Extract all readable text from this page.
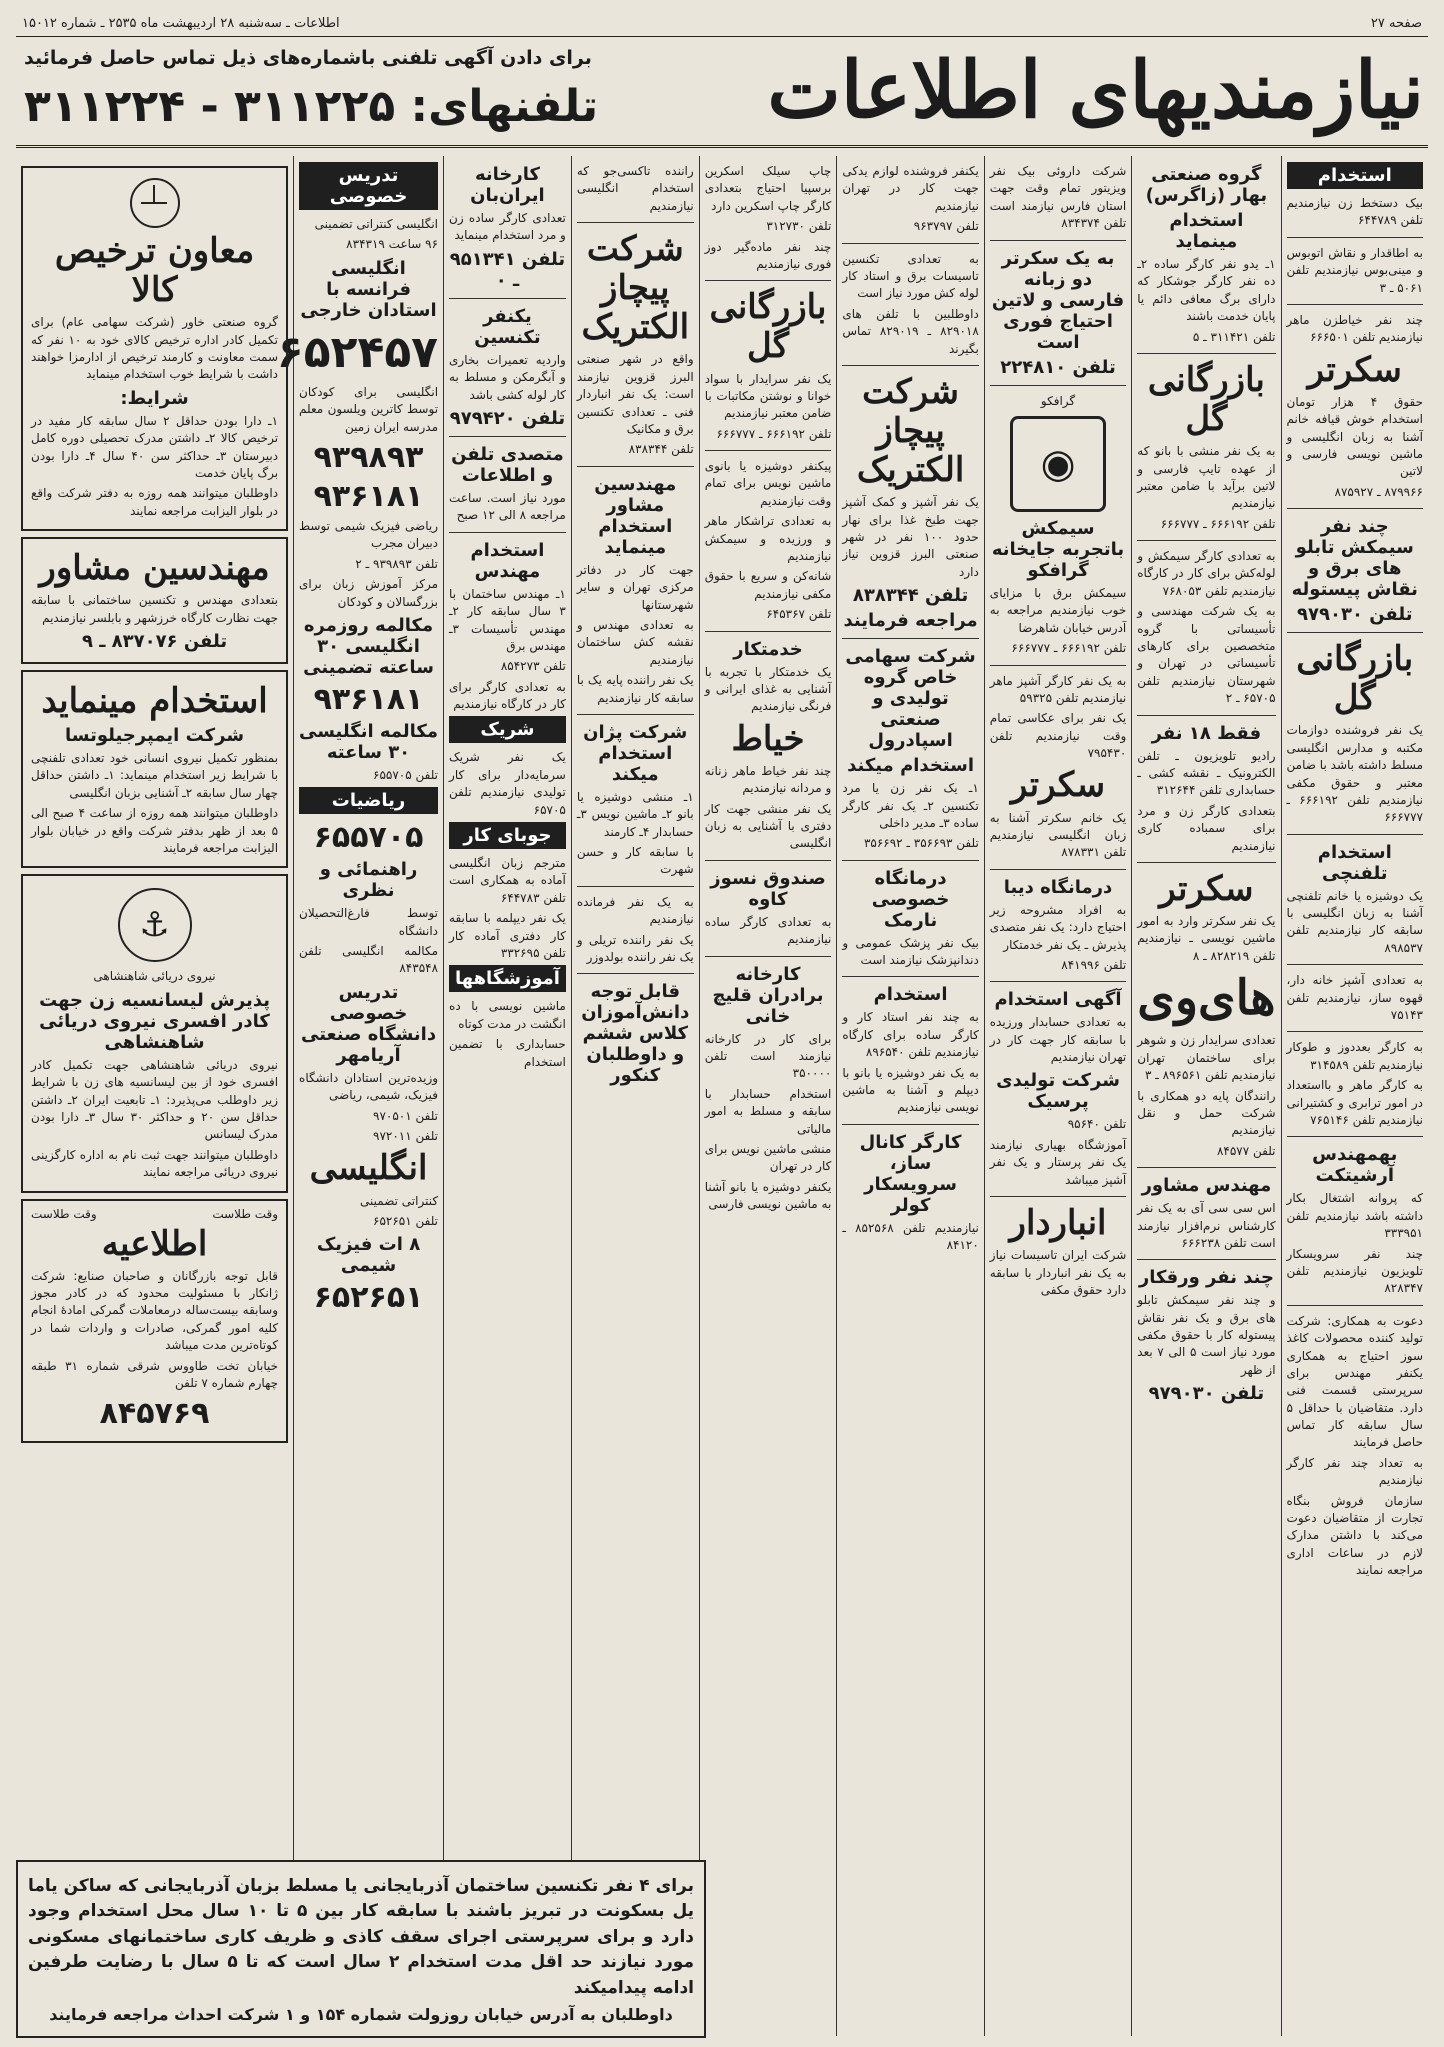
صفحه ۲۷
اطلاعات ـ سه‌شنبه ۲۸ اردیبهشت ماه ۲۵۳۵ ـ شماره ۱۵۰۱۲
نیازمندیهای اطلاعات
برای دادن آگهی تلفنی باشماره‌های ذیل تماس حاصل فرمائید
تلفنهای: ۳۱۱۲۲۵ - ۳۱۱۲۲۴
استخدام
بیک دستخط زن نیازمندیم تلفن ۶۴۴۷۸۹
به اطاقدار و نقاش اتوبوس و مینی‌بوس نیازمندیم تلفن ۵۰۶۱ ـ ۳
چند نفر خیاطزن ماهر نیازمندیم تلفن ۶۶۶۵۰۱
سکرتر
حقوق ۴ هزار تومان استخدام خوش قیافه خانم آشنا به زبان انگلیسی و ماشین نویسی فارسی و لاتین
۸۷۹۹۶۶ ـ ۸۷۵۹۲۷
چند نفر سیمکش تابلو های برق و نقاش پیستوله
تلفن ۹۷۹۰۳۰
بازرگانی گل
یک نفر فروشنده دوازمات مکتبه و مدارس انگلیسی مسلط داشته باشد با ضامن معتبر و حقوق مکفی نیازمندیم تلفن ۶۶۶۱۹۲ ـ ۶۶۶۷۷۷
استخدام تلفنچی
یک دوشیزه یا خانم تلفنچی آشنا به زبان انگلیسی با سابقه کار نیازمندیم تلفن ۸۹۸۵۳۷
به تعدادی آشپز خانه دار، قهوه ساز، نیازمندیم تلفن ۷۵۱۴۳
به کارگر بعددوز و طوکار نیازمندیم تلفن ۳۱۴۵۸۹
به کارگر ماهر و بااستعداد در امور ترابری و کشتیرانی نیازمندیم تلفن ۷۶۵۱۴۶
بهمهندس آرشیتکت
که پروانه اشتغال بکار داشته باشد نیازمندیم تلفن ۳۳۳۹۵۱
چند نفر سرویسکار تلویزیون نیازمندیم تلفن ۸۲۸۳۴۷
دعوت به همکاری: شرکت تولید کننده محصولات کاغذ سوز احتیاج به همکاری یکنفر مهندس برای سرپرستی قسمت فنی دارد. متقاضیان با حداقل ۵ سال سابقه کار تماس حاصل فرمایند
به تعداد چند نفر کارگر نیازمندیم
سازمان فروش بنگاه تجارت از متقاضیان دعوت می‌کند با داشتن مدارک لازم در ساعات اداری مراجعه نمایند
گروه صنعتی بهار (زاگرس)
استخدام مینماید
۱ـ یدو نفر کارگر ساده ۲ـ ده نفر کارگر جوشکار که دارای برگ معافی دائم یا پایان خدمت باشند
تلفن ۳۱۱۴۲۱ ـ ۵
بازرگانی گل
به یک نفر منشی با بانو که از عهده تایپ فارسی و لاتین برآید با ضامن معتبر نیازمندیم
تلفن ۶۶۶۱۹۲ ـ ۶۶۶۷۷۷
به تعدادی کارگر سیمکش و لوله‌کش برای کار در کارگاه نیازمندیم تلفن ۷۶۸۰۵۳
به یک شرکت مهندسی و تأسیساتی با گروه متخصصین برای کارهای تأسیساتی در تهران و شهرستان نیازمندیم تلفن ۶۵۷۰۵ ـ ۲
فقط ۱۸ نفر
رادیو تلویزیون ـ تلفن الکترونیک ـ نقشه کشی ـ حسابداری تلفن ۳۱۲۶۴۴
بتعدادی کارگر زن و مرد برای سمباده کاری نیازمندیم
سکرتر
یک نفر سکرتر وارد به امور ماشین نویسی ـ نیازمندیم تلفن ۸۲۸۲۱۹ ـ ۸
های‌وی
تعدادی سرایدار زن و شوهر برای ساختمان تهران نیازمندیم تلفن ۸۹۶۵۶۱ ـ ۳
رانندگان پایه دو همکاری با شرکت حمل و نقل نیازمندیم
تلفن ۸۴۵۷۷
مهندس مشاور
اس سی سی آی به یک نفر کارشناس نرم‌افزار نیازمند است تلفن ۶۶۶۲۳۸
چند نفر ورقکار
و چند نفر سیمکش تابلو های برق و یک نفر نقاش پیستوله کار با حقوق مکفی مورد نیاز است ۵ الی ۷ بعد از ظهر
تلفن ۹۷۹۰۳۰
شرکت داروئی بیک نفر ویزیتور تمام وقت جهت استان فارس نیازمند است تلفن ۸۳۴۳۷۴
به یک سکرتر دو زبانه فارسی و لاتین احتیاج فوری است
تلفن ۲۲۴۸۱۰
گرافکو
◉
سیمکش باتجربه جایخانه گرافکو
سیمکش برق با مزایای خوب نیازمندیم مراجعه به آدرس خیابان شاهرضا
تلفن ۶۶۶۱۹۲ ـ ۶۶۶۷۷۷
به یک نفر کارگر آشپز ماهر نیازمندیم تلفن ۵۹۳۲۵
یک نفر برای عکاسی تمام وقت نیازمندیم تلفن ۷۹۵۴۳۰
سکرتر
یک خانم سکرتر آشنا به زبان انگلیسی نیازمندیم تلفن ۸۷۸۳۳۱
درمانگاه دیبا
به افراد مشروحه زیر احتیاج دارد: یک نفر متصدی پذیرش ـ یک نفر خدمتکار
تلفن ۸۴۱۹۹۶
آگهی استخدام
به تعدادی حسابدار ورزیده با سابقه کار جهت کار در تهران نیازمندیم
شرکت تولیدی پرسیک
تلفن ۹۵۶۴۰
آموزشگاه بهیاری نیازمند یک نفر پرستار و یک نفر آشپز میباشد
انباردار
شرکت ایران تاسیسات نیاز به یک نفر انباردار با سابقه دارد حقوق مکفی
یکنفر فروشنده لوازم یدکی جهت کار در تهران نیازمندیم
تلفن ۹۶۳۷۹۷
به تعدادی تکنسین تاسیسات برق و استاد کار لوله کش مورد نیاز است
داوطلبین با تلفن های ۸۲۹۰۱۸ ـ ۸۲۹۰۱۹ تماس بگیرند
شرکت پیچاز الکتریک
یک نفر آشپز و کمک آشپز جهت طبخ غذا برای نهار حدود ۱۰۰ نفر در شهر صنعتی البرز قزوین نیاز دارد
تلفن ۸۳۸۳۴۴
مراجعه فرمایند
شرکت سهامی خاص گروه تولیدی و صنعتی اسپادرول
استخدام میکند
۱ـ یک نفر زن یا مرد تکنسین ۲ـ یک نفر کارگر ساده ۳ـ مدیر داخلی
تلفن ۳۵۶۶۹۳ ـ ۳۵۶۶۹۲
درمانگاه خصوصی نارمک
بیک نفر پزشک عمومی و دندانپزشک نیازمند است
استخدام
به چند نفر استاد کار و کارگر ساده برای کارگاه نیازمندیم تلفن ۸۹۶۵۴۰
به یک نفر دوشیزه یا بانو با دیپلم و آشنا به ماشین نویسی نیازمندیم
کارگر کانال ساز، سرویسکار کولر
نیازمندیم تلفن ۸۵۲۵۶۸ ـ ۸۴۱۲۰
چاپ سیلک اسکرین برسپیا احتیاج بتعدادی کارگر چاپ اسکرین دارد
تلفن ۳۱۲۷۳۰
چند نفر ماده‌گیر دوز فوری نیازمندیم
بازرگانی گل
یک نفر سرایدار با سواد خوانا و نوشتن مکاتبات با ضامن معتبر نیازمندیم
تلفن ۶۶۶۱۹۲ ـ ۶۶۶۷۷۷
پیکنفر دوشیزه یا بانوی ماشین نویس برای تمام وقت نیازمندیم
به تعدادی تراشکار ماهر و ورزیده و سیمکش نیازمندیم
شانه‌کن و سریع با حقوق مکفی نیازمندیم
تلفن ۶۴۵۳۶۷
خدمتکار
یک خدمتکار با تجربه با آشنایی به غذای ایرانی و فرنگی نیازمندیم
خیاط
چند نفر خیاط ماهر زنانه و مردانه نیازمندیم
یک نفر منشی جهت کار دفتری با آشنایی به زبان انگلیسی
صندوق نسوز کاوه
به تعدادی کارگر ساده نیازمندیم
کارخانه برادران قلیچ خانی
برای کار در کارخانه نیازمند است تلفن ۳۵۰۰۰۰
استخدام حسابدار با سابقه و مسلط به امور مالیاتی
منشی ماشین نویس برای کار در تهران
یکنفر دوشیزه یا بانو آشنا به ماشین نویسی فارسی
راننده تاکسی‌جو که استخدام انگلیسی نیازمندیم
شرکت پیچاز الکتریک
واقع در شهر صنعتی البرز قزوین نیازمند است: یک نفر انباردار فنی ـ تعدادی تکنسین برق و مکانیک
تلفن ۸۳۸۳۴۴
مهندسین مشاور استخدام مینماید
جهت کار در دفاتر مرکزی تهران و سایر شهرستانها
به تعدادی مهندس و نقشه کش ساختمان نیازمندیم
یک نفر راننده پایه یک با سابقه کار نیازمندیم
شرکت پژان استخدام میکند
۱ـ منشی دوشیزه یا بانو ۲ـ ماشین نویس ۳ـ حسابدار ۴ـ کارمند
با سابقه کار و حسن شهرت
به یک نفر فرمانده نیازمندیم
یک نفر راننده تریلی و یک نفر راننده بولدوزر
قابل توجه دانش‌آموزان کلاس ششم و داوطلبان کنکور
کارخانه ایران‌بان
تعدادی کارگر ساده زن و مرد استخدام مینماید
تلفن ۹۵۱۳۴۱ ـ ۰
یکنفر تکنسین
واردیه تعمیرات بخاری و آبگرمکن و مسلط به کار لوله کشی باشد
تلفن ۹۷۹۴۲۰
متصدی تلفن و اطلاعات
مورد نیاز است. ساعت مراجعه ۸ الی ۱۲ صبح
استخدام مهندس
۱ـ مهندس ساختمان با ۳ سال سابقه کار ۲ـ مهندس تأسیسات ۳ـ مهندس برق
تلفن ۸۵۴۲۷۳
به تعدادی کارگر برای کار در کارگاه نیازمندیم
شریک
یک نفر شریک سرمایه‌دار برای کار تولیدی نیازمندیم تلفن ۶۵۷۰۵
جوبای کار
مترجم زبان انگلیسی آماده به همکاری است تلفن ۶۴۴۷۸۳
یک نفر دیپلمه با سابقه کار دفتری آماده کار تلفن ۳۳۲۶۹۵
آموزشگاهها
ماشین نویسی با ده انگشت در مدت کوتاه
حسابداری با تضمین استخدام
تدریس خصوصی
انگلیسی کنتراتی تضمینی
۹۶ ساعت ۸۳۴۳۱۹
انگلیسی فرانسه با استادان خارجی
۶۵۲۴۵۷
انگلیسی برای کودکان توسط کاترین ویلسون معلم مدرسه ایران زمین
۹۳۹۸۹۳
۹۳۶۱۸۱
ریاضی فیزیک شیمی توسط دبیران مجرب
تلفن ۹۳۹۸۹۳ ـ ۲
مرکز آموزش زبان برای بزرگسالان و کودکان
مکالمه روزمره انگلیسی ۳۰ ساعته تضمینی
۹۳۶۱۸۱
مکالمه انگلیسی ۳۰ ساعته
تلفن ۶۵۵۷۰۵
ریاضیات
۶۵۵۷۰۵
راهنمائی و نظری
توسط فارغ‌التحصیلان دانشگاه
مکالمه انگلیسی تلفن ۸۴۳۵۴۸
تدریس خصوصی دانشگاه صنعتی آریامهر
وزیده‌ترین استادان دانشگاه فیزیک، شیمی، ریاضی
تلفن ۹۷۰۵۰۱
تلفن ۹۷۲۰۱۱
انگلیسی
کنتراتی تضمینی
تلفن ۶۵۲۶۵۱
۸ ات فیزیک شیمی
۶۵۲۶۵۱
معاون ترخیص کالا
گروه صنعتی خاور (شرکت سهامی عام) برای تکمیل کادر اداره ترخیص کالای خود به ۱۰ نفر که سمت معاونت و کارمند ترخیص از ادارمزا خواهند داشت با شرایط خوب استخدام مینماید
شرایط:
۱ـ دارا بودن حداقل ۲ سال سابقه کار مفید در ترخیص کالا ۲ـ داشتن مدرک تحصیلی دوره کامل دبیرستان ۳ـ حداکثر سن ۴۰ سال ۴ـ دارا بودن برگ پایان خدمت
داوطلبان میتوانند همه روزه به دفتر شرکت واقع در بلوار الیزابت مراجعه نمایند
مهندسین مشاور
بتعدادی مهندس و تکنسین ساختمانی با سابقه جهت نظارت کارگاه خرزشهر و بابلسر نیازمندیم
تلفن ۸۳۷۰۷۶ ـ ۹
استخدام مینماید
شرکت ایمپرجیلوتسا
بمنظور تکمیل نیروی انسانی خود تعدادی تلفنچی با شرایط زیر استخدام مینماید: ۱ـ داشتن حداقل چهار سال سابقه ۲ـ آشنایی بزبان انگلیسی
داوطلبان میتوانند همه روزه از ساعت ۴ صبح الی ۵ بعد از ظهر بدفتر شرکت واقع در خیابان بلوار الیزابت مراجعه فرمایند
⚓
نیروی دریائی شاهنشاهی
پذیرش لیسانسیه زن جهت کادر افسری نیروی دریائی شاهنشاهی
نیروی دریائی شاهنشاهی جهت تکمیل کادر افسری خود از بین لیسانسیه های زن با شرایط زیر داوطلب می‌پذیرد: ۱ـ تابعیت ایران ۲ـ داشتن حداقل سن ۲۰ و حداکثر ۳۰ سال ۳ـ دارا بودن مدرک لیسانس
داوطلبان میتوانند جهت ثبت نام به اداره کارگزینی نیروی دریائی مراجعه نمایند
وقت طلاست
وقت طلاست
اطلاعیه
قابل توجه بازرگانان و صاحبان صنایع: شرکت ژانکار با مسئولیت محدود که در کادر مجوز وسابقه بیست‌ساله درمعاملات گمرکی امادهٔ انجام کلیه امور گمرکی، صادرات و واردات شما در کوتاه‌ترین مدت میباشد
خیابان تخت طاووس شرقی شماره ۳۱ طبقه چهارم شماره ۷ تلفن
۸۴۵۷۶۹
برای ۴ نفر تکنسین ساختمان آذربایجانی یا مسلط بزبان آذربایجانی که ساکن یاما یل بسکونت در تبریز باشند با سابقه کار بین ۵ تا ۱۰ سال محل استخدام وجود دارد و برای سرپرستی اجرای سقف کاذی و ظریف کاری ساختمانهای مسکونی مورد نیازند حد اقل مدت استخدام ۲ سال است که تا ۵ سال با رضایت طرفین ادامه پیدامیکند
داوطلبان به آدرس خیابان روزولت شماره ۱۵۴ و ۱ شرکت احداث مراجعه فرمایند
